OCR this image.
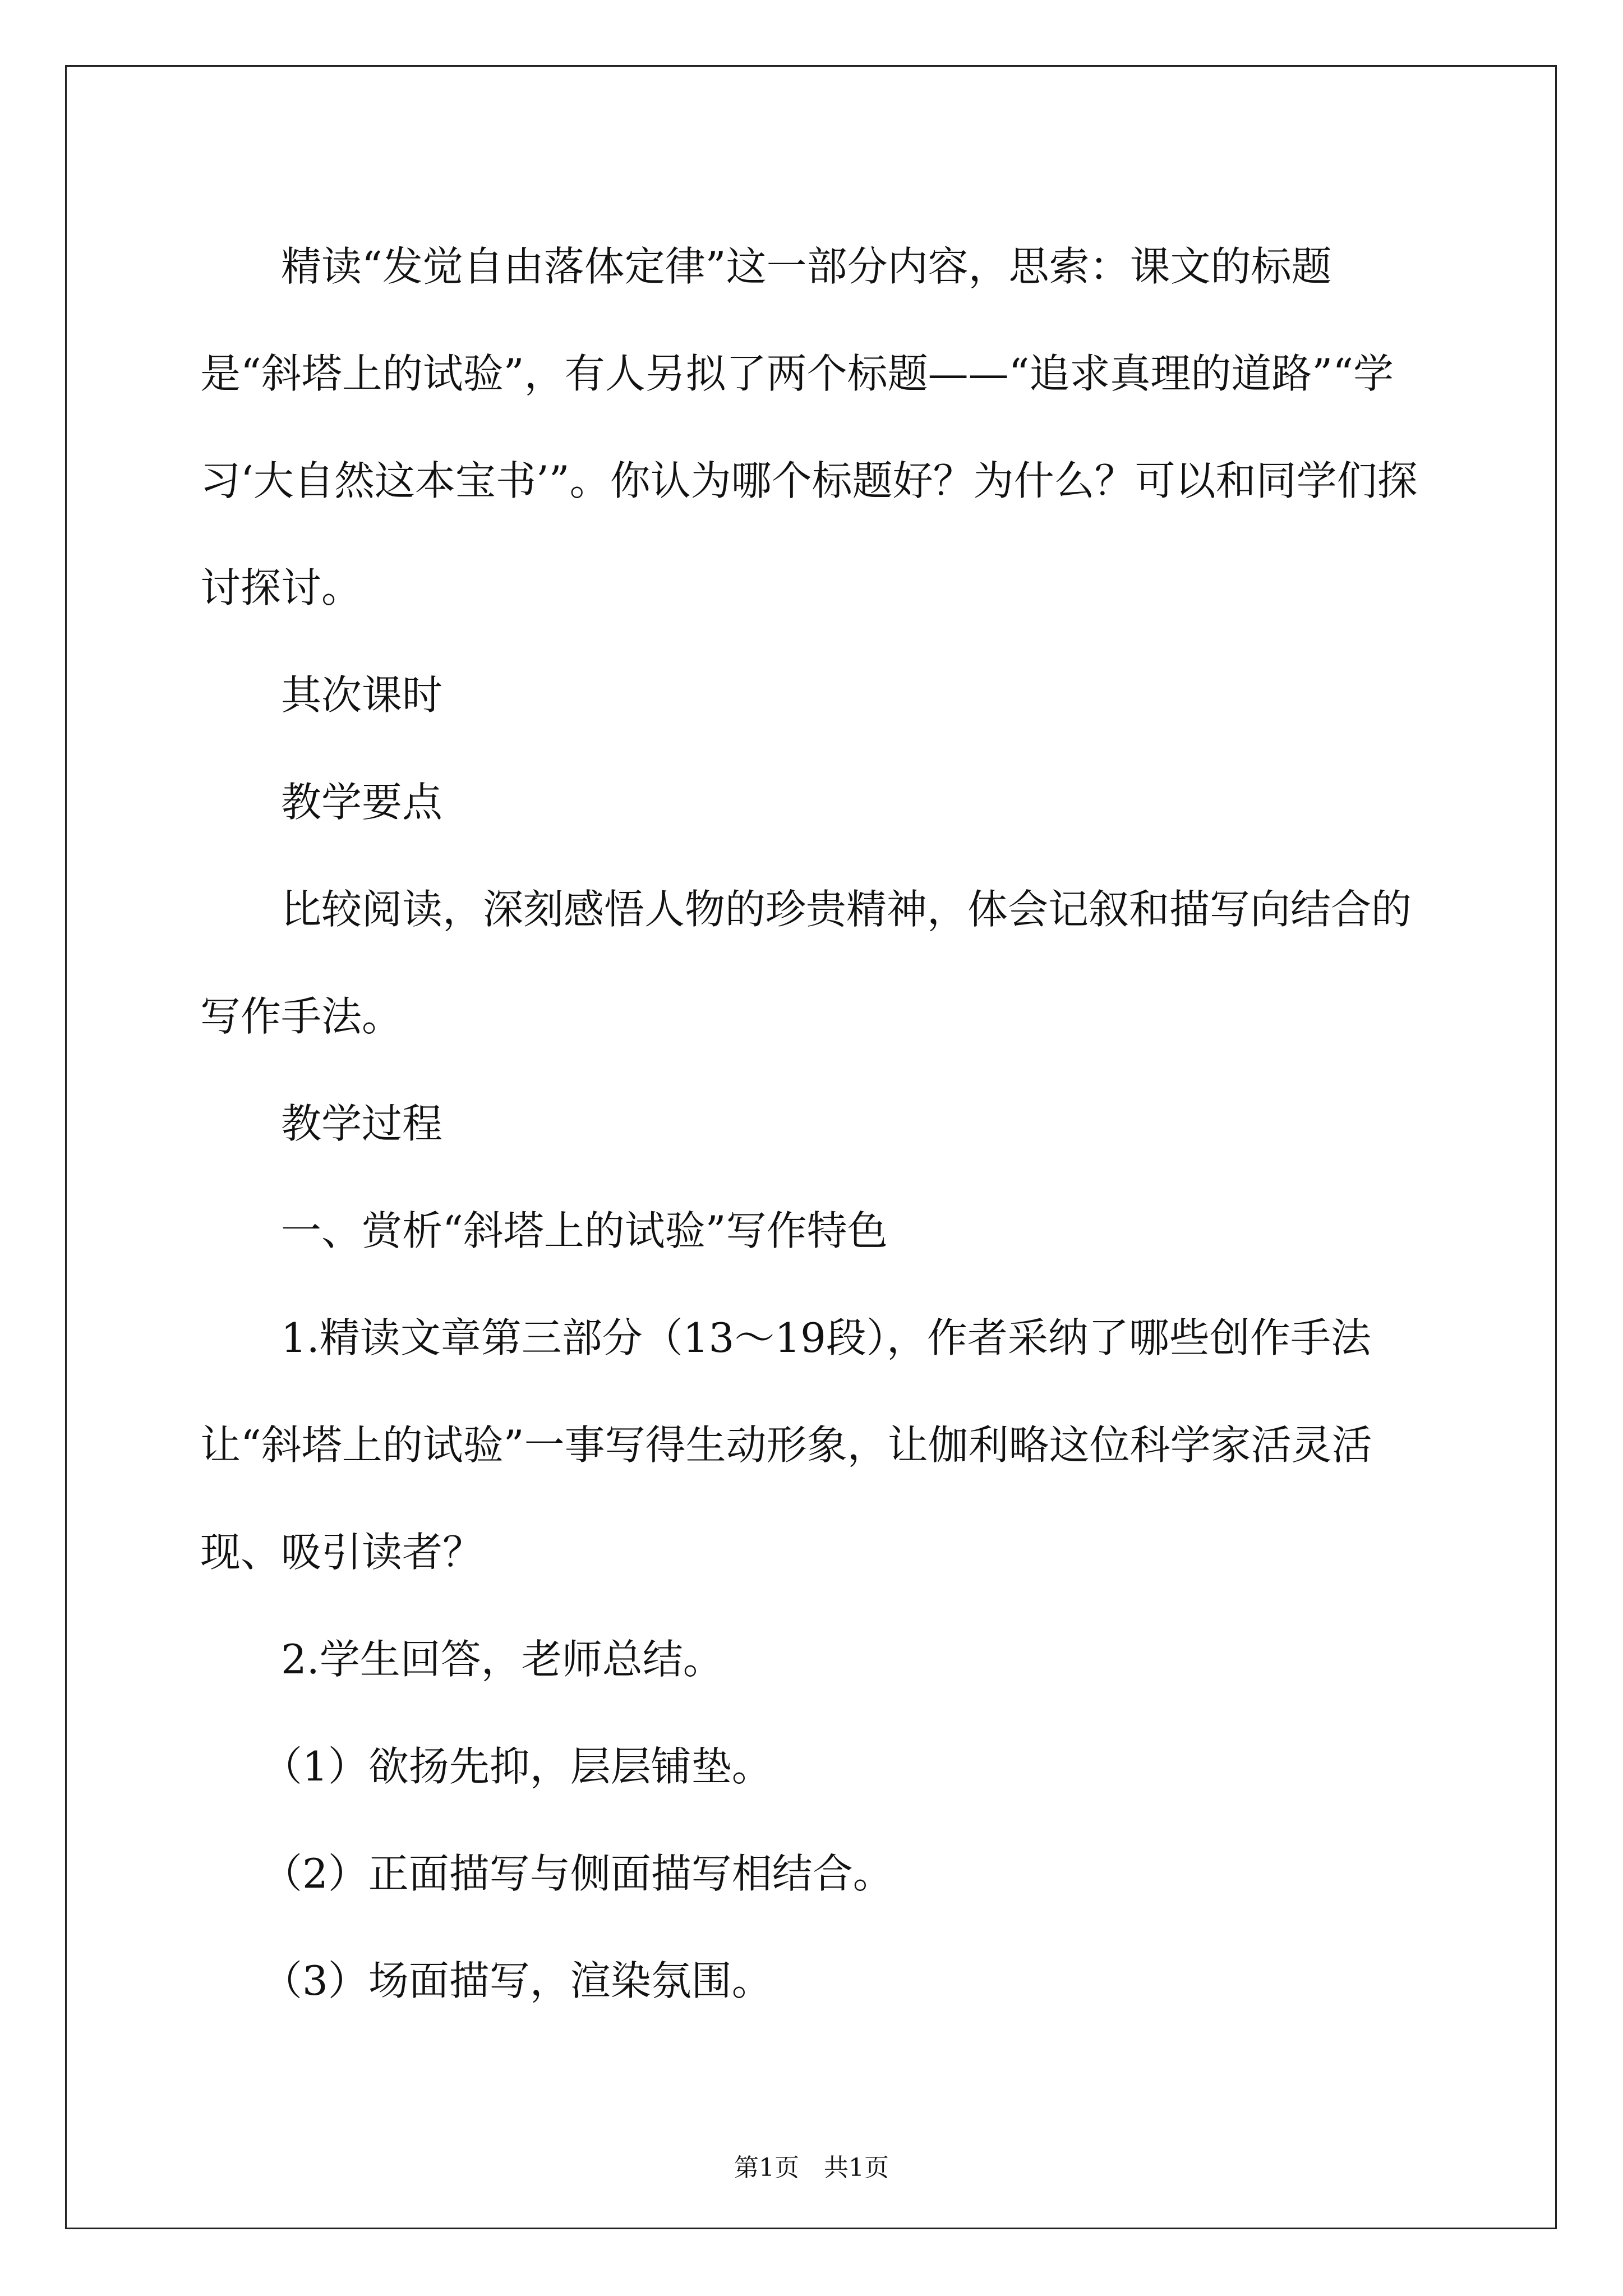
精读“发觉自由落体定律”这一部分内容，思索：课文的标题是“斜塔上的试验”，有人另拟了两个标题——“追求真理的道路”“学习‘大自然这本宝书’”。你认为哪个标题好？为什么？可以和同学们探讨探讨。

其次课时

教学要点

比较阅读，深刻感悟人物的珍贵精神，体会记叙和描写向结合的写作手法。

教学过程

一、赏析“斜塔上的试验”写作特色

1.精读文章第三部分（13～19段），作者采纳了哪些创作手法让“斜塔上的试验”一事写得生动形象，让伽利略这位科学家活灵活现、吸引读者？

2.学生回答，老师总结。

（1）欲扬先抑，层层铺垫。

（2）正面描写与侧面描写相结合。

（3）场面描写，渲染氛围。

第1页　共1页
